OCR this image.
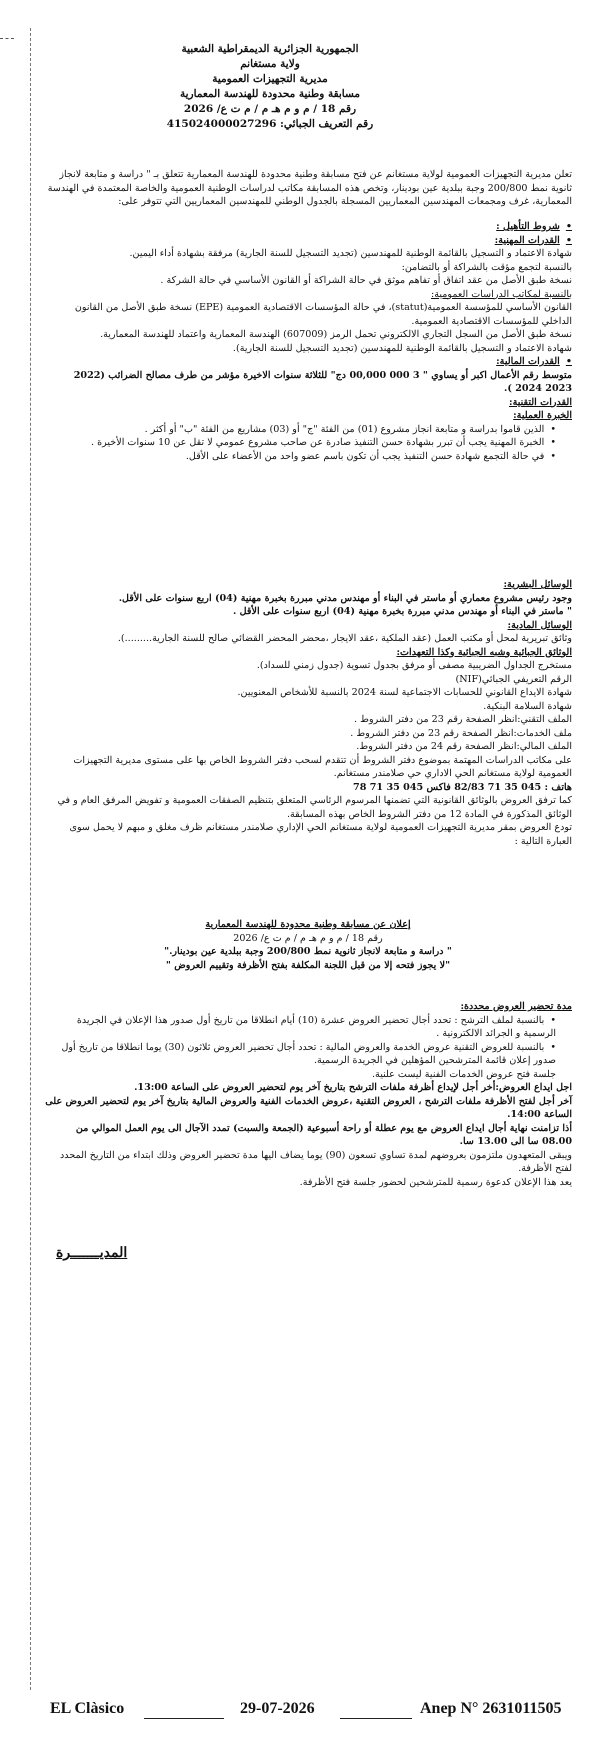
الجمهورية الجزائرية الديمقراطية الشعبية
ولاية مستغانم
مديرية التجهيزات العمومية
مسابقة وطنية محدودة للهندسة المعمارية
رقم 18 / م و م هـ م / م ت ع/ 2026
رقم التعريف الجبائي: 415024000027296

تعلن مديرية التجهيزات العمومية لولاية مستغانم عن فتح مسابقة وطنية محدودة للهندسة المعمارية تتعلق بـ " دراسة و متابعة لانجاز ثانوية نمط 200/800 وجبة ببلدية عين بودينار، وتخص هذه المسابقة مكاتب لدراسات الوطنية العمومية والخاصة المعتمدة في الهندسة المعمارية، غرف ومجمعات المهندسين المعماريين المسجلة بالجدول الوطني للمهندسين المعماريين التي تتوفر على:

• شروط التأهيل :

• القدرات المهنية:

شهادة الاعتماد و التسجيل بالقائمة الوطنية للمهندسين (تجديد التسجيل للسنة الجارية) مرفقة بشهادة أداء اليمين.

بالنسبة لتجمع مؤقت بالشراكة أو بالتضامن:

نسخة طبق الأصل من عقد اتفاق أو تفاهم موثق في حالة الشراكة أو القانون الأساسي في حالة الشركة .

بالنسبة لمكاتب الدراسات العمومية:

القانون الأساسي للمؤسسة العمومية(statut)، في حالة المؤسسات الاقتصادية العمومية (EPE) نسخة طبق الأصل من القانون الداخلي للمؤسسات الاقتصادية العمومية.

نسخة طبق الأصل من السجل التجاري الالكتروني تحمل الرمز (607009) الهندسة المعمارية واعتماد للهندسة المعمارية.

شهادة الاعتماد و التسجيل بالقائمة الوطنية للمهندسين (تجديد التسجيل للسنة الجارية).

• القدرات المالية:

متوسط رقم الأعمال اكبر أو يساوي " 3 000 00,000 دج" للثلاثة سنوات الاخيرة مؤشر من طرف مصالح الضرائب (2022 2023 2024 ).

القدرات التقنية:

الخبرة العملية:

• الذين قاموا بدراسة و متابعة انجاز مشروع (01) من الفئة "ج" أو (03) مشاريع من الفئة "ب" أو أكثر .

• الخبرة المهنية يجب أن تبرر بشهادة حسن التنفيذ صادرة عن صاحب مشروع عمومي لا تقل عن 10 سنوات الأخيرة .

• في حالة التجمع شهادة حسن التنفيذ يجب أن تكون باسم عضو واحد من الأعضاء على الأقل.

الوسائل البشرية:

وجود رئيس مشروع معماري أو ماستر في البناء أو مهندس مدني مبررة بخبرة مهنية (04) اربع سنوات على الأقل.

" ماستر في البناء أو مهندس مدني مبررة بخبرة مهنية (04) اربع سنوات على الأقل .

الوسائل المادية:

وثائق تبريرية لمحل أو مكتب العمل (عقد الملكية ،عقد الايجار ،محضر المحضر القضائي صالح للسنة الجارية.........).

الوثائق الجبائية وشبه الجبائية وكذا التعهدات:

مستخرج الجداول الضريبية مصفى أو مرفق بجدول تسوية (جدول زمني للسداد).

الرقم التعريفي الجبائي(NIF)

شهادة الايداع القانوني للحسابات الاجتماعية لسنة 2024 بالنسبة للأشخاص المعنويين.

شهادة السلامة البنكية.

الملف التقني:انظر الصفحة رقم 23 من دفتر الشروط .

ملف الخدمات:انظر الصفحة رقم 23 من دفتر الشروط .

الملف المالي:انظر الصفحة رقم 24 من دفتر الشروط.

على مكاتب الدراسات المهتمة بموضوع دفتر الشروط أن تتقدم لسحب دفتر الشروط الخاص بها على مستوى مديرية التجهيزات العمومية لولاية مستغانم الحي الاداري حي صلامندر مستغانم.

هاتف : 045 35 71 82/83 فاكس 045 35 71 78

كما ترفق العروض بالوثائق القانونية التي تضمنها المرسوم الرئاسي المتعلق بتنظيم الصفقات العمومية و تفويض المرفق العام و في الوثائق المذكورة في المادة 12 من دفتر الشروط الخاص بهذه المسابقة.

تودع العروض بمقر مديرية التجهيزات العمومية لولاية مستغانم الحي الإداري صلامندر مستغانم ظرف مغلق و مبهم لا يحمل سوى العبارة التالية :

إعلان عن مسابقة وطنية محدودة للهندسة المعمارية

رقم 18 / م و م هـ م / م ت ع/ 2026

" دراسة و متابعة لانجاز ثانوية نمط 200/800 وجبة ببلدية عين بودينار."

"لا يجوز فتحه إلا من قبل اللجنة المكلفة بفتح الأظرفة وتقييم العروض "

مدة تحضير العروض محددة:

• بالنسبة لملف الترشح : تحدد أجال تحضير العروض عشرة (10) أيام انطلاقا من تاريخ أول صدور هذا الإعلان في الجريدة الرسمية و الجرائد الالكترونية .

• بالنسبة للعروض التقنية عروض الخدمة والعروض المالية : تحدد أجال تحضير العروض ثلاثون (30) يوما انطلاقا من تاريخ أول صدور إعلان قائمة المترشحين المؤهلين في الجريدة الرسمية.

جلسة فتح عروض الخدمات الفنية ليست علنية.

اجل ايداع العروض:أخر أجل لإيداع أظرفة ملفات الترشح بتاريخ آخر يوم لتحضير العروض على الساعة 13:00.

آخر أجل لفتح الأظرفة ملفات الترشح ، العروض التقنية ،عروض الخدمات الفنية والعروض المالية بتاريخ آخر يوم لتحضير العروض على الساعة 14:00.

أذا تزامنت نهاية أجال ايداع العروض مع يوم عطلة أو راحة أسبوعية (الجمعة والسبت) تمدد الآجال الى يوم العمل الموالي من 08.00 سا الى 13.00 سا.

ويبقى المتعهدون ملتزمون بعروضهم لمدة تساوي تسعون (90) يوما يضاف اليها مدة تحضير العروض وذلك ابتداء من التاريخ المحدد لفتح الأظرفة.

يعد هذا الإعلان كدعوة رسمية للمترشحين لحضور جلسة فتح الأظرفة.

المديـــــــرة
EL Clàsico	29-07-2026	Anep N° 2631011505
